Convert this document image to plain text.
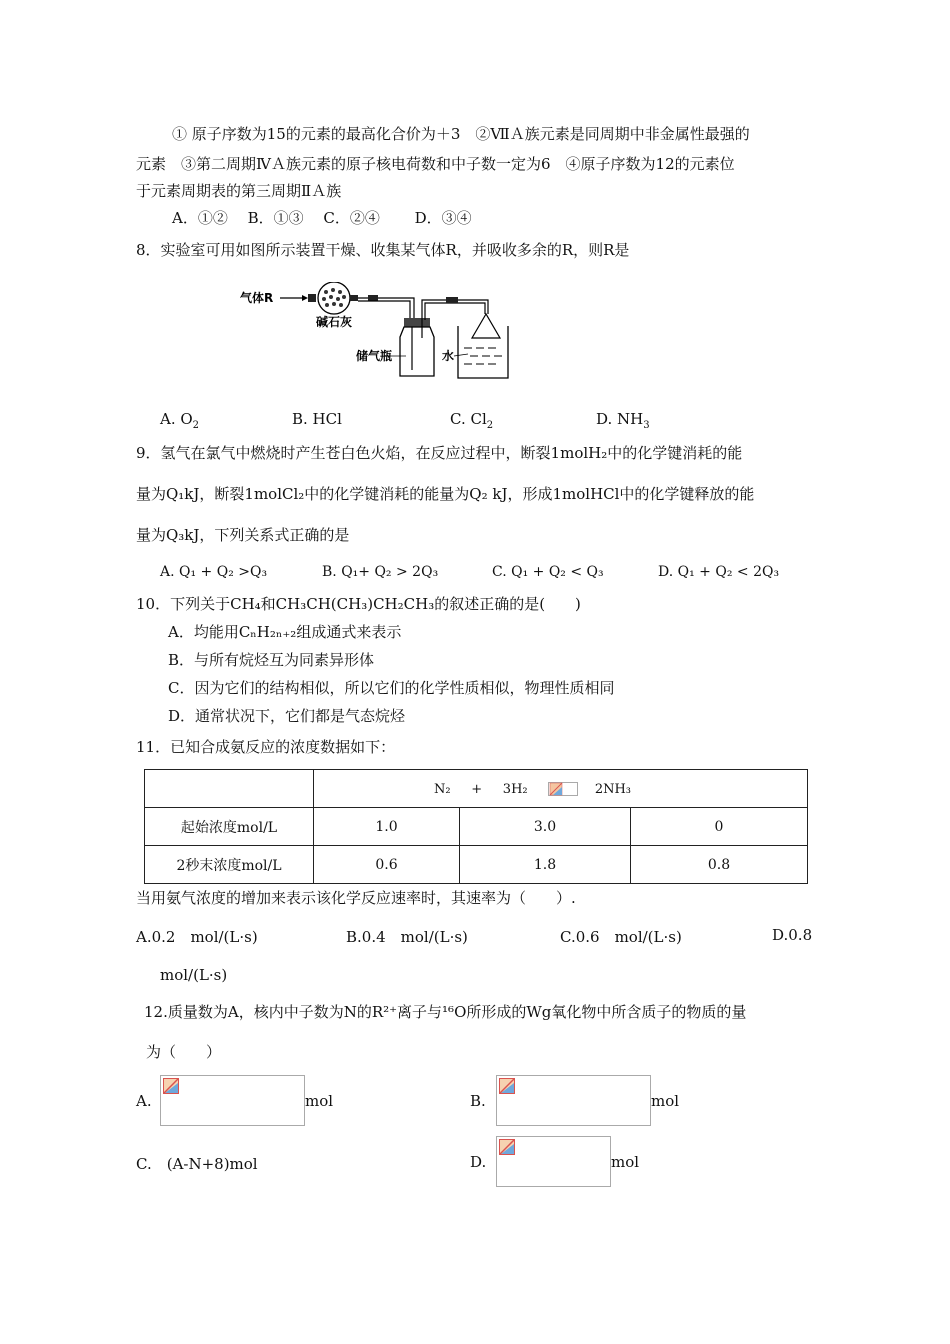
① 原子序数为15的元素的最高化合价为＋3　②ⅦＡ族元素是同周期中非金属性最强的
元素　③第二周期ⅣＡ族元素的原子核电荷数和中子数一定为6　④原子序数为12的元素位
于元素周期表的第三周期ⅡＡ族
A．①②　 B．①③　 C．②④　　 D．③④
8．实验室可用如图所示装置干燥、收集某气体R，并吸收多余的R，则R是
气体R
碱石灰
储气瓶	水
A. $O_2$	B. HCl	C. $Cl_2$	D. $NH_3$
9．氢气在氯气中燃烧时产生苍白色火焰，在反应过程中，断裂1molH₂中的化学键消耗的能
量为Q₁kJ，断裂1molCl₂中的化学键消耗的能量为Q₂ kJ，形成1molHCl中的化学键释放的能
量为Q₃kJ，下列关系式正确的是
A. Q₁ + Q₂ >Q₃	B. Q₁+ Q₂ > 2Q₃	C. Q₁ + Q₂ < Q₃	D. Q₁ + Q₂ < 2Q₃
10．下列关于CH₄和CH₃CH(CH₃)CH₂CH₃的叙述正确的是(　　)
A．均能用CₙH₂ₙ₊₂组成通式来表示
B．与所有烷烃互为同素异形体
C．因为它们的结构相似，所以它们的化学性质相似，物理性质相同
D．通常状况下，它们都是气态烷烃
11．已知合成氨反应的浓度数据如下：
	N₂ + 3H₂ 2NH₃		
起始浓度mol/L	1.0	3.0	0
2秒末浓度mol/L	0.6	1.8	0.8
当用氨气浓度的增加来表示该化学反应速率时，其速率为（　　）.
A.0.2　mol/(L·s)	B.0.4　mol/(L·s)	C.0.6　mol/(L·s)	D.0.8
mol/(L·s)
12.质量数为A，核内中子数为N的R²⁺离子与¹⁶O所形成的Wg氧化物中所含质子的物质的量
为（　　）
A.	mol	B.	mol
C.　(A-N+8)mol	D.	mol
